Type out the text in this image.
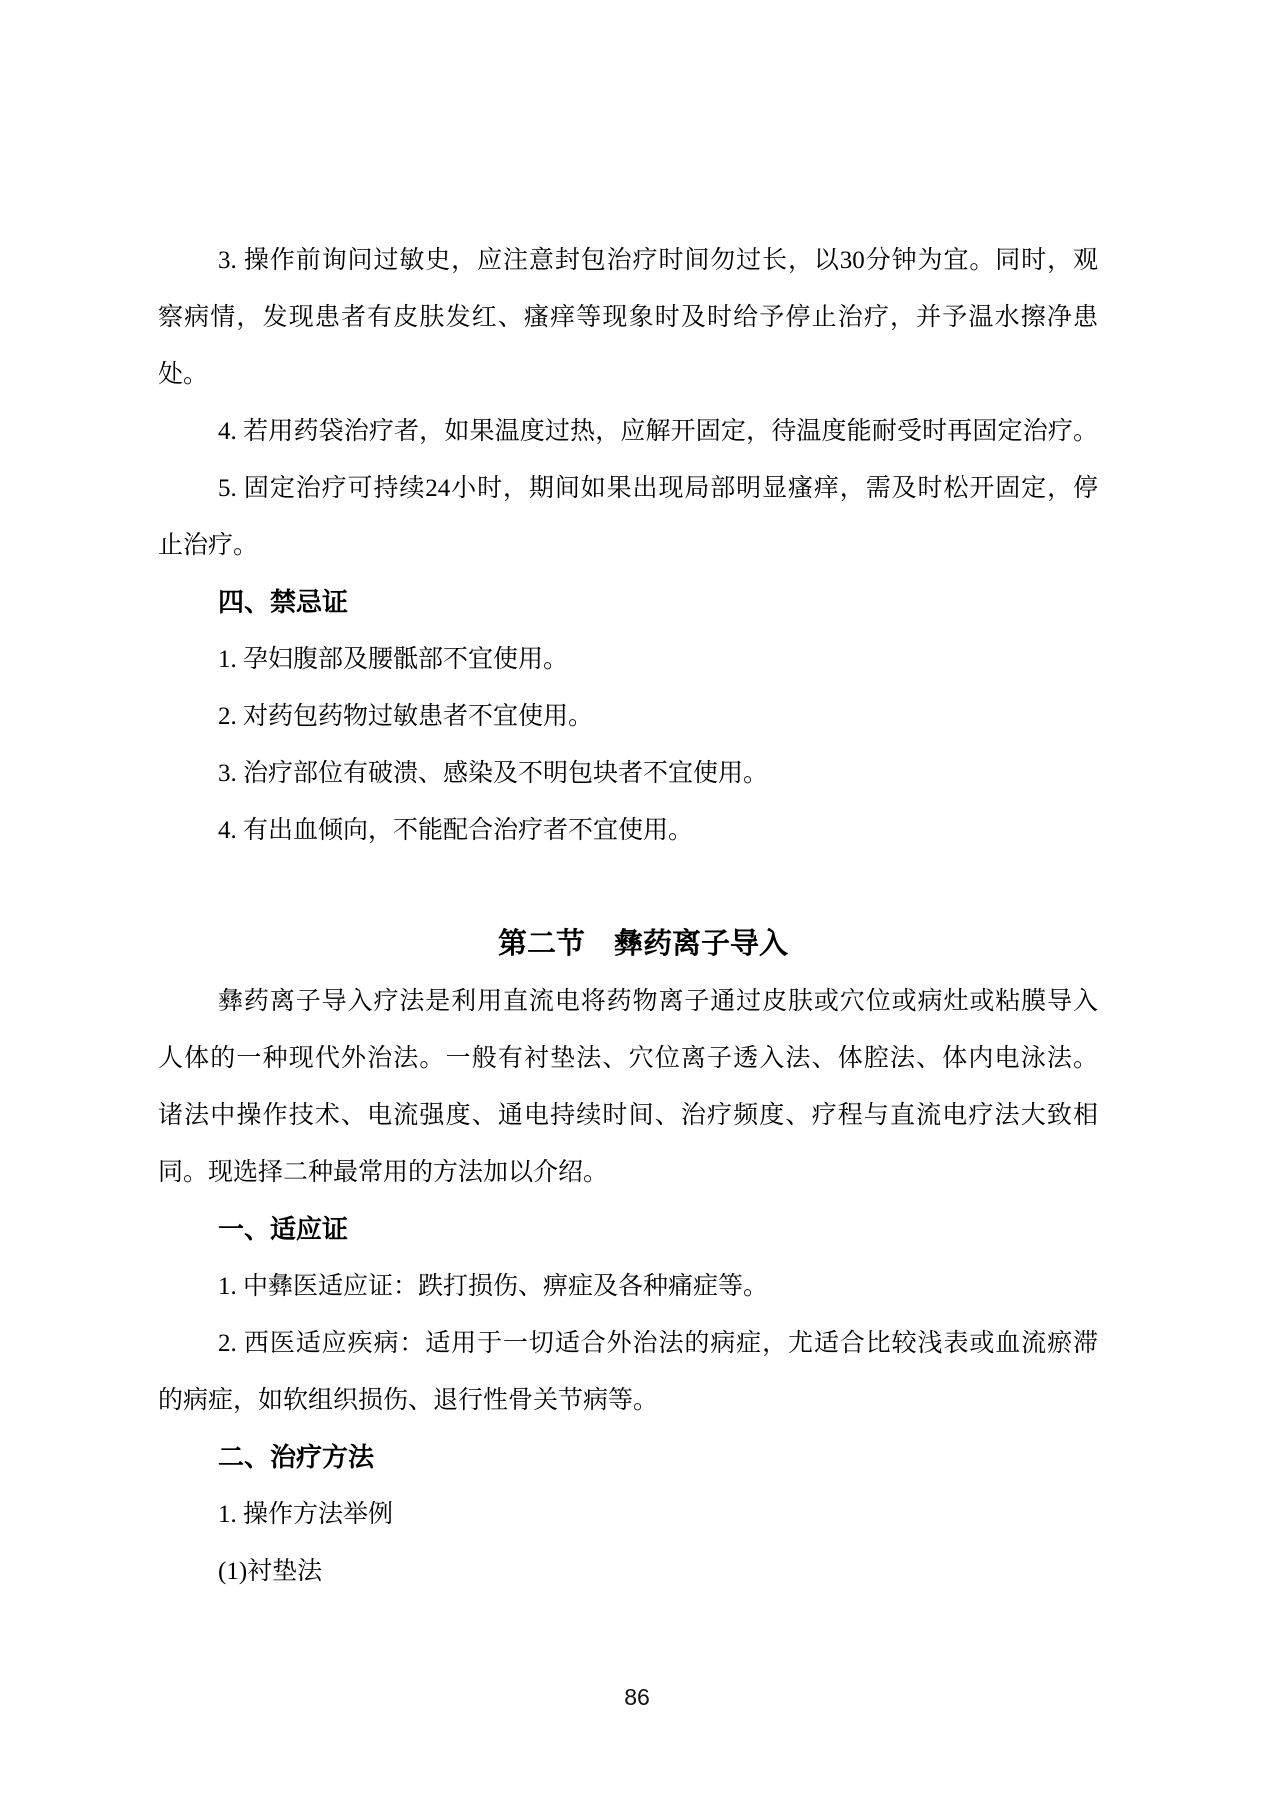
3. 操作前询问过敏史，应注意封包治疗时间勿过长，以30分钟为宜。同时，观
察病情，发现患者有皮肤发红、瘙痒等现象时及时给予停止治疗，并予温水擦净患
处。
4. 若用药袋治疗者，如果温度过热，应解开固定，待温度能耐受时再固定治疗。
5. 固定治疗可持续24小时，期间如果出现局部明显瘙痒，需及时松开固定，停
止治疗。
四、禁忌证
1. 孕妇腹部及腰骶部不宜使用。
2. 对药包药物过敏患者不宜使用。
3. 治疗部位有破溃、感染及不明包块者不宜使用。
4. 有出血倾向，不能配合治疗者不宜使用。
第二节　彝药离子导入
彝药离子导入疗法是利用直流电将药物离子通过皮肤或穴位或病灶或粘膜导入
人体的一种现代外治法。一般有衬垫法、穴位离子透入法、体腔法、体内电泳法。
诸法中操作技术、电流强度、通电持续时间、治疗频度、疗程与直流电疗法大致相
同。现选择二种最常用的方法加以介绍。
一、适应证
1. 中彝医适应证：跌打损伤、痹症及各种痛症等。
2. 西医适应疾病：适用于一切适合外治法的病症，尤适合比较浅表或血流瘀滞
的病症，如软组织损伤、退行性骨关节病等。
二、治疗方法
1. 操作方法举例
(1)衬垫法
86
